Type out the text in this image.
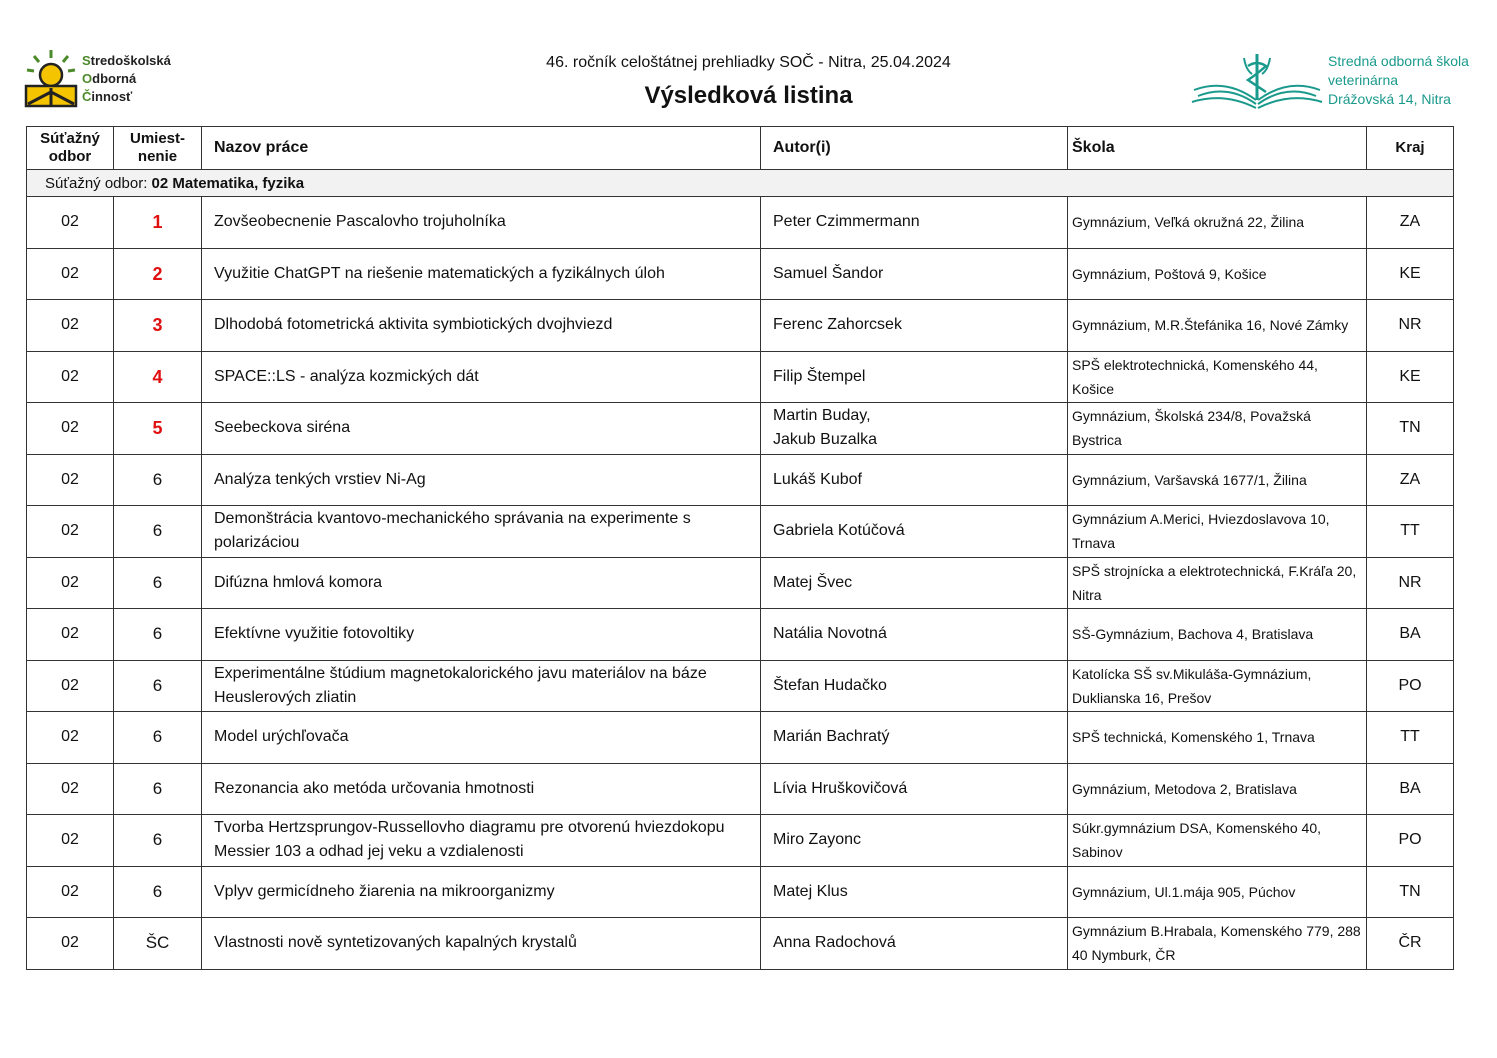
Stredoškolská
Odborná
Činnosť
46. ročník celoštátnej prehliadky SOČ - Nitra, 25.04.2024
Výsledková listina
Stredná odborná škola
veterinárna
Drážovská 14, Nitra
Súťažný
odbor	Umiest-
nenie	Nazov práce	Autor(i)	Škola	Kraj
Súťažný odbor: 02 Matematika, fyzika					
02	1	Zovšeobecnenie Pascalovho trojuholníka	Peter Czimmermann	Gymnázium, Veľká okružná 22, Žilina	ZA
02	2	Využitie ChatGPT na riešenie matematických a fyzikálnych úloh	Samuel Šandor	Gymnázium, Poštová 9, Košice	KE
02	3	Dlhodobá fotometrická aktivita symbiotických dvojhviezd	Ferenc Zahorcsek	Gymnázium, M.R.Štefánika 16, Nové Zámky	NR
02	4	SPACE::LS - analýza kozmických dát	Filip Štempel	SPŠ elektrotechnická, Komenského 44, Košice	KE
02	5	Seebeckova siréna	Martin Buday,
Jakub Buzalka	Gymnázium, Školská 234/8, Považská Bystrica	TN
02	6	Analýza tenkých vrstiev Ni-Ag	Lukáš Kubof	Gymnázium, Varšavská 1677/1, Žilina	ZA
02	6	Demonštrácia kvantovo-mechanického správania na experimente s polarizáciou	Gabriela Kotúčová	Gymnázium A.Merici, Hviezdoslavova 10, Trnava	TT
02	6	Difúzna hmlová komora	Matej Švec	SPŠ strojnícka a elektrotechnická, F.Kráľa 20, Nitra	NR
02	6	Efektívne využitie fotovoltiky	Natália Novotná	SŠ-Gymnázium, Bachova 4, Bratislava	BA
02	6	Experimentálne štúdium magnetokalorického javu materiálov na báze Heuslerových zliatin	Štefan Hudačko	Katolícka SŠ sv.Mikuláša-Gymnázium, Duklianska 16, Prešov	PO
02	6	Model urýchľovača	Marián Bachratý	SPŠ technická, Komenského 1, Trnava	TT
02	6	Rezonancia ako metóda určovania hmotnosti	Lívia Hruškovičová	Gymnázium, Metodova 2, Bratislava	BA
02	6	Tvorba Hertzsprungov-Russellovho diagramu pre otvorenú hviezdokopu Messier 103 a odhad jej veku a vzdialenosti	Miro Zayonc	Súkr.gymnázium DSA, Komenského 40, Sabinov	PO
02	6	Vplyv germicídneho žiarenia na mikroorganizmy	Matej Klus	Gymnázium, Ul.1.mája 905, Púchov	TN
02	ŠC	Vlastnosti nově syntetizovaných kapalných krystalů	Anna Radochová	Gymnázium B.Hrabala, Komenského 779, 288 40 Nymburk, ČR	ČR
